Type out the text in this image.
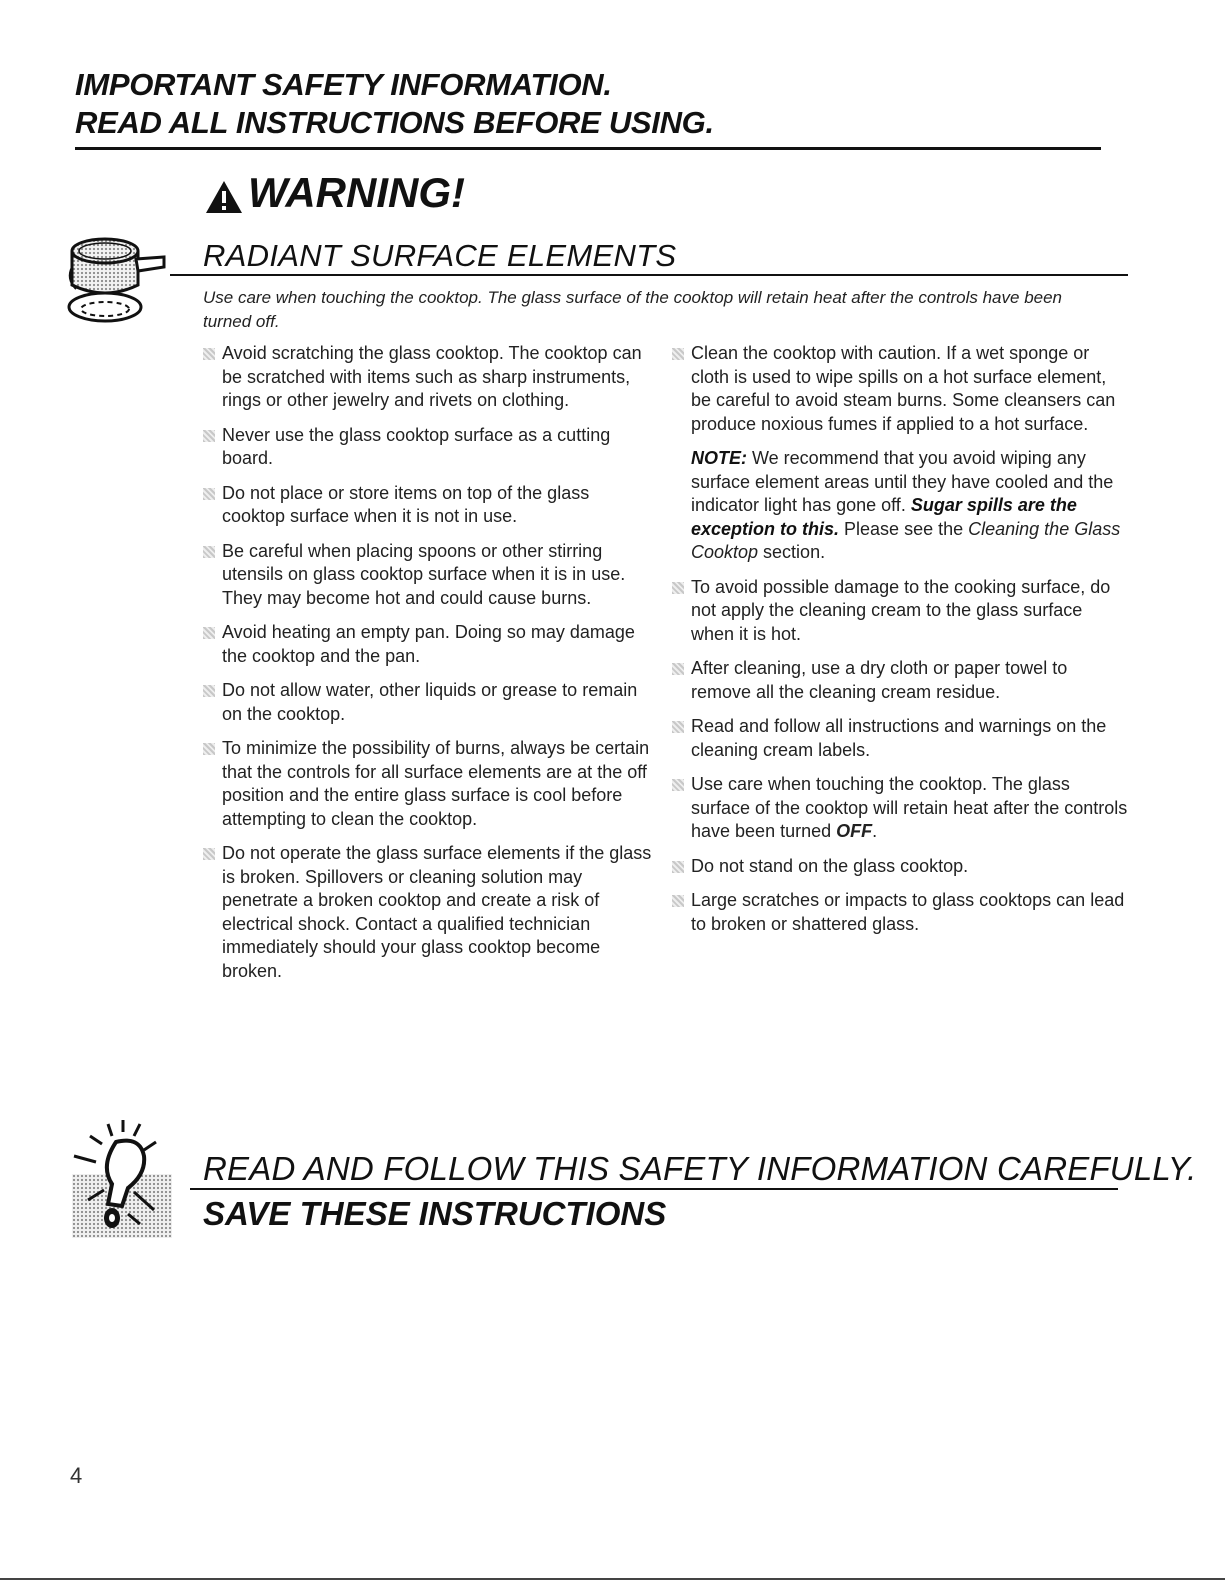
IMPORTANT SAFETY INFORMATION.
READ ALL INSTRUCTIONS BEFORE USING.
WARNING!
RADIANT SURFACE ELEMENTS
Use care when touching the cooktop. The glass surface of the cooktop will retain heat after the controls have been turned off.
Avoid scratching the glass cooktop. The cooktop can be scratched with items such as sharp instruments, rings or other jewelry and rivets on clothing.
Never use the glass cooktop surface as a cutting board.
Do not place or store items on top of the glass cooktop surface when it is not in use.
Be careful when placing spoons or other stirring utensils on glass cooktop surface when it is in use. They may become hot and could cause burns.
Avoid heating an empty pan. Doing so may damage the cooktop and the pan.
Do not allow water, other liquids or grease to remain on the cooktop.
To minimize the possibility of burns, always be certain that the controls for all surface elements are at the off position and the entire glass surface is cool before attempting to clean the cooktop.
Do not operate the glass surface elements if the glass is broken. Spillovers or cleaning solution may penetrate a broken cooktop and create a risk of electrical shock. Contact a qualified technician immediately should your glass cooktop become broken.
Clean the cooktop with caution. If a wet sponge or cloth is used to wipe spills on a hot surface element, be careful to avoid steam burns. Some cleansers can produce noxious fumes if applied to a hot surface.
NOTE: We recommend that you avoid wiping any surface element areas until they have cooled and the indicator light has gone off. Sugar spills are the exception to this. Please see the Cleaning the Glass Cooktop section.
To avoid possible damage to the cooking surface, do not apply the cleaning cream to the glass surface when it is hot.
After cleaning, use a dry cloth or paper towel to remove all the cleaning cream residue.
Read and follow all instructions and warnings on the cleaning cream labels.
Use care when touching the cooktop. The glass surface of the cooktop will retain heat after the controls have been turned OFF.
Do not stand on the glass cooktop.
Large scratches or impacts to glass cooktops can lead to broken or shattered glass.
READ AND FOLLOW THIS SAFETY INFORMATION CAREFULLY.
SAVE THESE INSTRUCTIONS
4
